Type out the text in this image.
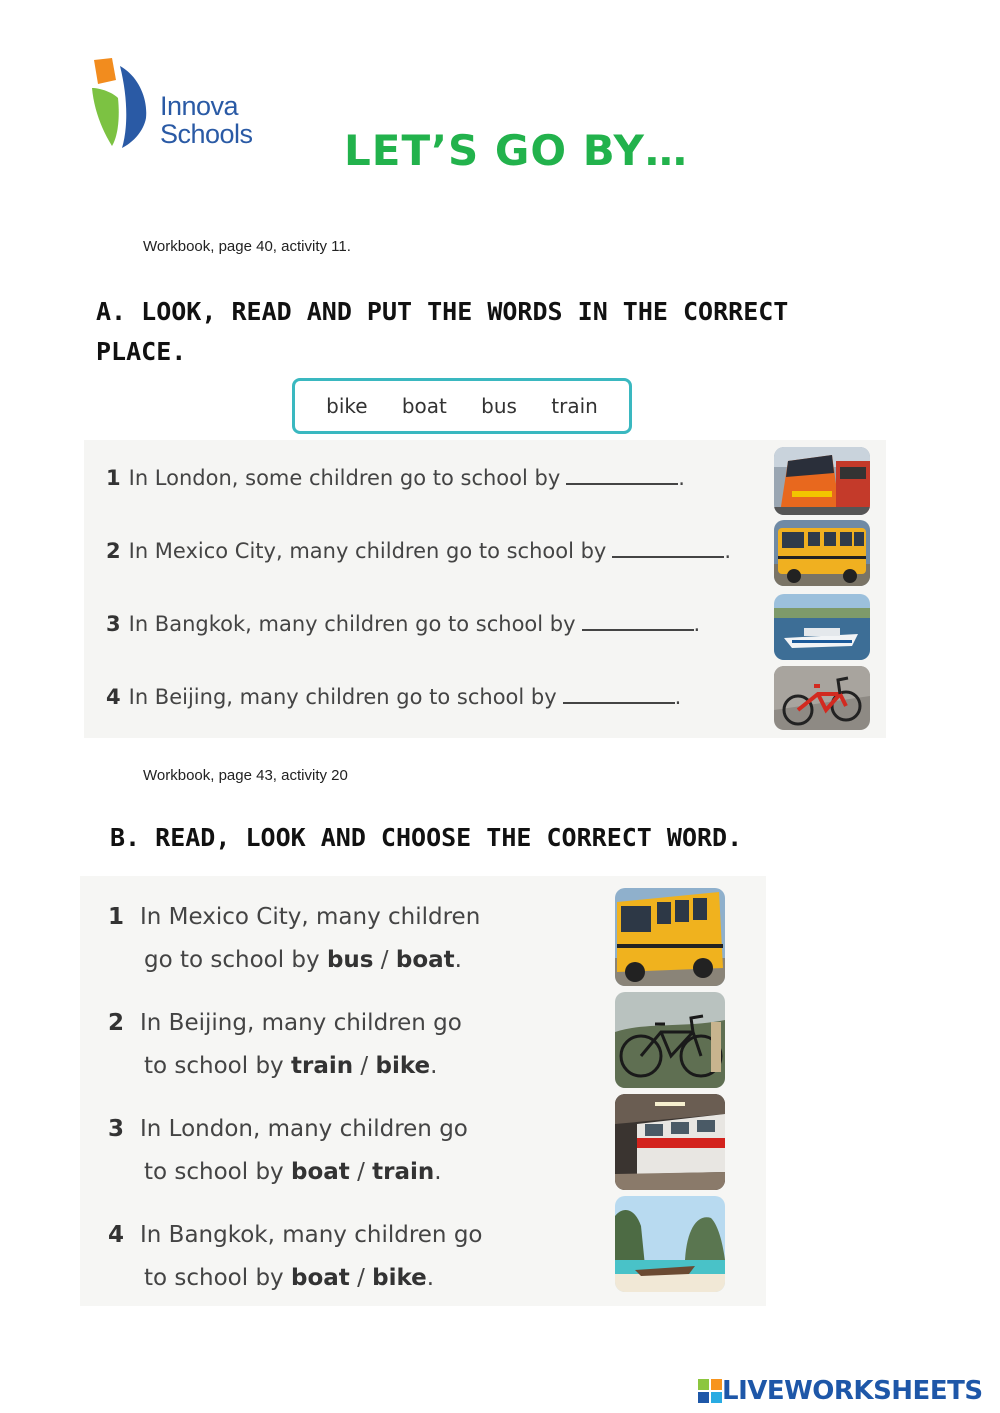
Innova
Schools LET’S GO BY…
Workbook, page 40, activity 11.
A. LOOK, READ AND PUT THE WORDS IN THE CORRECT
PLACE.
bike boat bus train
1 In London, some children go to school by	.
2 In Mexico City, many children go to school by	.
3 In Bangkok, many children go to school by	.
4 In Beijing, many children go to school by	.
Workbook, page 43, activity 20
B. READ, LOOK AND CHOOSE THE CORRECT WORD.
1 In Mexico City, many children
go to school by bus / boat.
2 In Beijing, many children go
to school by train / bike.
3 In London, many children go
to school by boat / train.
4 In Bangkok, many children go
to school by boat / bike.
LIVEWORKSHEETS
